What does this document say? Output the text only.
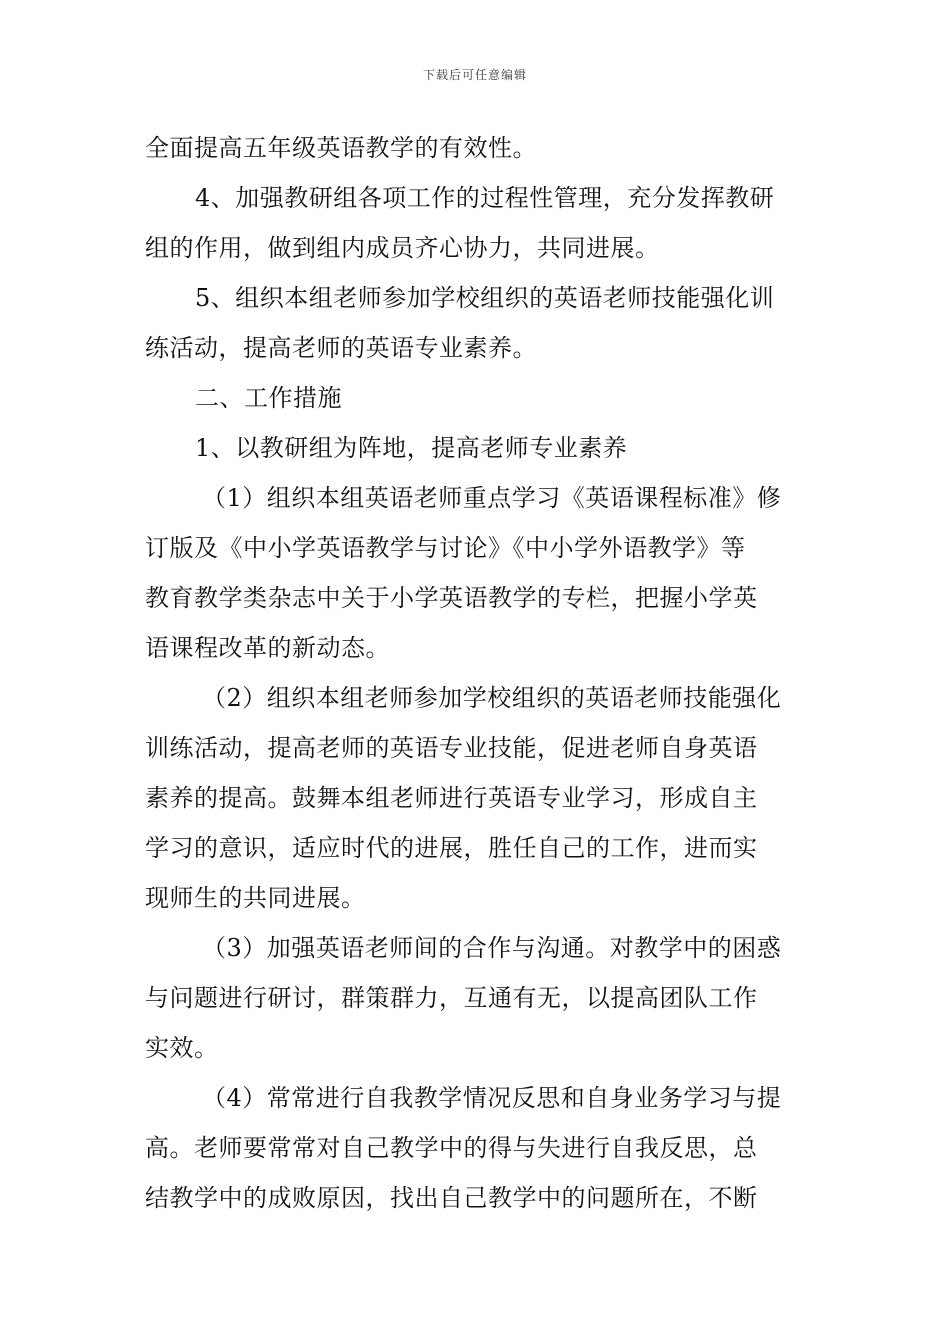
下载后可任意编辑
全面提高五年级英语教学的有效性。
4、加强教研组各项工作的过程性管理，充分发挥教研
组的作用，做到组内成员齐心协力，共同进展。
5、组织本组老师参加学校组织的英语老师技能强化训
练活动，提高老师的英语专业素养。
二、工作措施
1、以教研组为阵地，提高老师专业素养
（1）组织本组英语老师重点学习《英语课程标准》修
订版及《中小学英语教学与讨论》《中小学外语教学》等
教育教学类杂志中关于小学英语教学的专栏，把握小学英
语课程改革的新动态。
（2）组织本组老师参加学校组织的英语老师技能强化
训练活动，提高老师的英语专业技能，促进老师自身英语
素养的提高。鼓舞本组老师进行英语专业学习，形成自主
学习的意识，适应时代的进展，胜任自己的工作，进而实
现师生的共同进展。
（3）加强英语老师间的合作与沟通。对教学中的困惑
与问题进行研讨，群策群力，互通有无，以提高团队工作
实效。
（4）常常进行自我教学情况反思和自身业务学习与提
高。老师要常常对自己教学中的得与失进行自我反思，总
结教学中的成败原因，找出自己教学中的问题所在，不断
